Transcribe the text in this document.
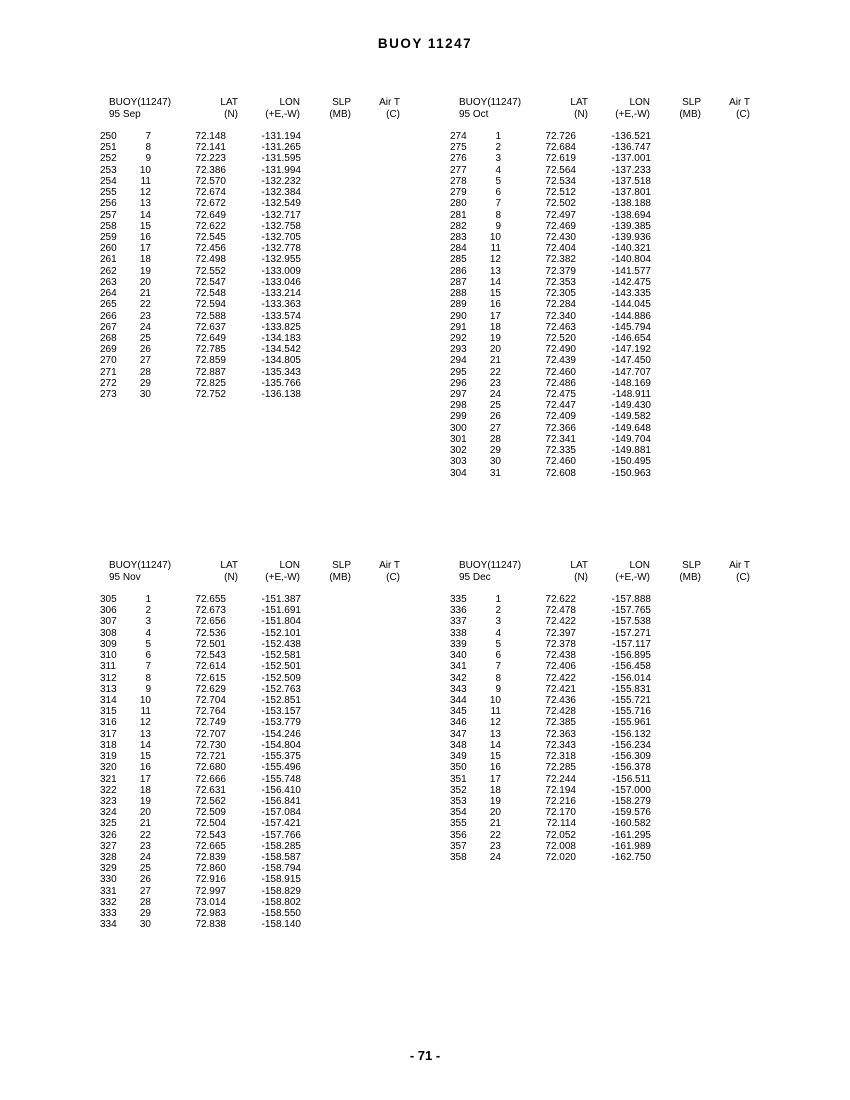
BUOY 11247
BUOY(11247)	LAT
(N)
LON
(+E,-W)
SLP
(MB)
Air T
(C)
95 Sep
250	7	72.148	-131.194
251	8	72.141	-131.265
252	9	72.223	-131.595
253	10	72.386	-131.994
254	11	72.570	-132.232
255	12	72.674	-132.384
256	13	72.672	-132.549
257	14	72.649	-132.717
258	15	72.622	-132.758
259	16	72.545	-132.705
260	17	72.456	-132.778
261	18	72.498	-132.955
262	19	72.552	-133.009
263	20	72.547	-133.046
264	21	72.548	-133.214
265	22	72.594	-133.363
266	23	72.588	-133.574
267	24	72.637	-133.825
268	25	72.649	-134.183
269	26	72.785	-134.542
270	27	72.859	-134.805
271	28	72.887	-135.343
272	29	72.825	-135.766
273	30	72.752	-136.138
BUOY(11247)	LAT
(N)
LON
(+E,-W)
SLP
(MB)
Air T
(C)
95 Oct
274	1	72.726	-136.521
275	2	72.684	-136.747
276	3	72.619	-137.001
277	4	72.564	-137.233
278	5	72.534	-137.518
279	6	72.512	-137.801
280	7	72.502	-138.188
281	8	72.497	-138.694
282	9	72.469	-139.385
283	10	72.430	-139.936
284	11	72.404	-140.321
285	12	72.382	-140.804
286	13	72.379	-141.577
287	14	72.353	-142.475
288	15	72.305	-143.335
289	16	72.284	-144.045
290	17	72.340	-144.886
291	18	72.463	-145.794
292	19	72.520	-146.654
293	20	72.490	-147.192
294	21	72.439	-147.450
295	22	72.460	-147.707
296	23	72.486	-148.169
297	24	72.475	-148.911
298	25	72.447	-149.430
299	26	72.409	-149.582
300	27	72.366	-149.648
301	28	72.341	-149.704
302	29	72.335	-149.881
303	30	72.460	-150.495
304	31	72.608	-150.963
BUOY(11247)	LAT
(N)
LON
(+E,-W)
SLP
(MB)
Air T
(C)
95 Nov
305	1	72.655	-151.387
306	2	72.673	-151.691
307	3	72.656	-151.804
308	4	72.536	-152.101
309	5	72.501	-152.438
310	6	72.543	-152.581
311	7	72.614	-152.501
312	8	72.615	-152.509
313	9	72.629	-152.763
314	10	72.704	-152.851
315	11	72.764	-153.157
316	12	72.749	-153.779
317	13	72.707	-154.246
318	14	72.730	-154.804
319	15	72.721	-155.375
320	16	72.680	-155.496
321	17	72.666	-155.748
322	18	72.631	-156.410
323	19	72.562	-156.841
324	20	72.509	-157.084
325	21	72.504	-157.421
326	22	72.543	-157.766
327	23	72.665	-158.285
328	24	72.839	-158.587
329	25	72.860	-158.794
330	26	72.916	-158.915
331	27	72.997	-158.829
332	28	73.014	-158.802
333	29	72.983	-158.550
334	30	72.838	-158.140
BUOY(11247)	LAT
(N)
LON
(+E,-W)
SLP
(MB)
Air T
(C)
95 Dec
335	1	72.622	-157.888
336	2	72.478	-157.765
337	3	72.422	-157.538
338	4	72.397	-157.271
339	5	72.378	-157.117
340	6	72.438	-156.895
341	7	72.406	-156.458
342	8	72.422	-156.014
343	9	72.421	-155.831
344	10	72.436	-155.721
345	11	72.428	-155.716
346	12	72.385	-155.961
347	13	72.363	-156.132
348	14	72.343	-156.234
349	15	72.318	-156.309
350	16	72.285	-156.378
351	17	72.244	-156.511
352	18	72.194	-157.000
353	19	72.216	-158.279
354	20	72.170	-159.576
355	21	72.114	-160.582
356	22	72.052	-161.295
357	23	72.008	-161.989
358	24	72.020	-162.750
- 71 -
